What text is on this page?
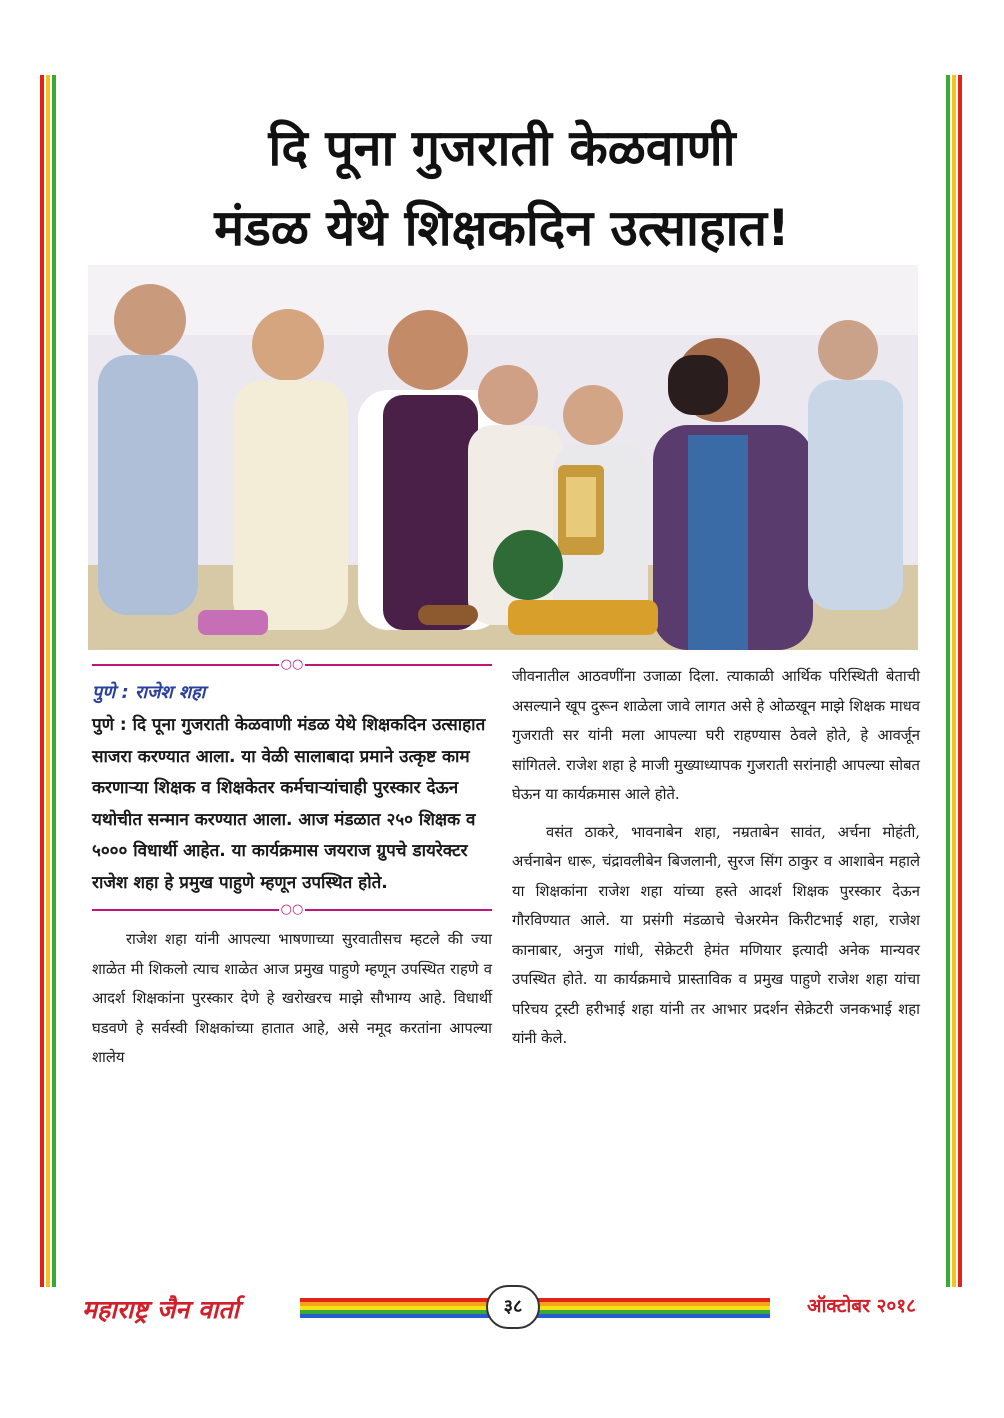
दि पूना गुजराती केळवाणी
मंडळ येथे शिक्षकदिन उत्साहात!
○○
पुणे : राजेश शहा

पुणे : दि पूना गुजराती केळवाणी मंडळ येथे शिक्षकदिन उत्साहात साजरा करण्यात आला. या वेळी सालाबादा प्रमाने उत्कृष्ट काम करणाऱ्या शिक्षक व शिक्षकेतर कर्मचाऱ्यांचाही पुरस्कार देऊन यथोचीत सन्मान करण्यात आला. आज मंडळात २५० शिक्षक व ५००० विधार्थी आहेत. या कार्यक्रमास जयराज ग्रुपचे डायरेक्टर राजेश शहा हे प्रमुख पाहुणे म्हणून उपस्थित होते.

○○

राजेश शहा यांनी आपल्या भाषणाच्या सुरवातीसच म्हटले की ज्या शाळेत मी शिकलो त्याच शाळेत आज प्रमुख पाहुणे म्हणून उपस्थित राहणे व आदर्श शिक्षकांना पुरस्कार देणे हे खरोखरच माझे सौभाग्य आहे. विधार्थी घडवणे हे सर्वस्वी शिक्षकांच्या हातात आहे, असे नमूद करतांना आपल्या शालेय

जीवनातील आठवणींना उजाळा दिला. त्याकाळी आर्थिक परिस्थिती बेताची असल्याने खूप दुरून शाळेला जावे लागत असे हे ओळखून माझे शिक्षक माधव गुजराती सर यांनी मला आपल्या घरी राहण्यास ठेवले होते, हे आवर्जून सांगितले. राजेश शहा हे माजी मुख्याध्यापक गुजराती सरांनाही आपल्या सोबत घेऊन या कार्यक्रमास आले होते.

वसंत ठाकरे, भावनाबेन शहा, नम्रताबेन सावंत, अर्चना मोहंती, अर्चनाबेन धारू, चंद्रावलीबेन बिजलानी, सुरज सिंग ठाकुर व आशाबेन महाले या शिक्षकांना राजेश शहा यांच्या हस्ते आदर्श शिक्षक पुरस्कार देऊन गौरविण्यात आले. या प्रसंगी मंडळाचे चेअरमेन किरीटभाई शहा, राजेश कानाबार, अनुज गांधी, सेक्रेटरी हेमंत मणियार इत्यादी अनेक मान्यवर उपस्थित होते. या कार्यक्रमाचे प्रास्ताविक व प्रमुख पाहुणे राजेश शहा यांचा परिचय ट्रस्टी हरीभाई शहा यांनी तर आभार प्रदर्शन सेक्रेटरी जनकभाई शहा यांनी केले.

महाराष्ट्र जैन वार्ता	३८	ऑक्टोबर २०१८
